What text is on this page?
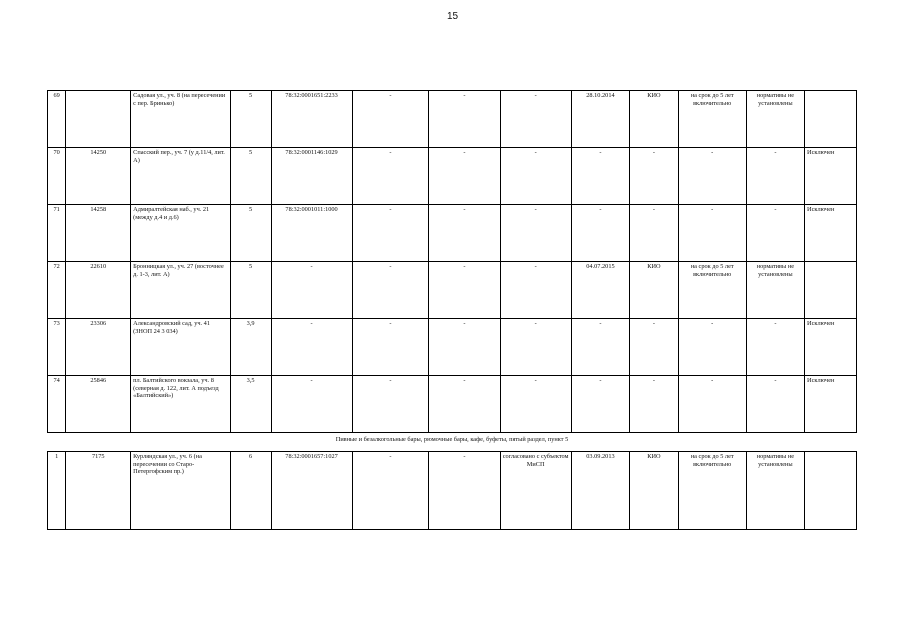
15
69		Садовая ул., уч. 8 (на пересечении с пер. Бринько)	5	78:32:0001651:2233	-	-	-	28.10.2014	КИО	на срок до 5 лет включительно	нормативы не установлены	
70	14250	Спасский пер., уч. 7 (у д.11/4, лит. А)	5	78:32:0001146:1029	-	-	-	-	-	-	-	Исключен
71	14258	Адмиралтейская наб., уч. 21 (между д.4 и д.6)	5	78:32:0001011:1000	-	-	-	-	-	-	-	Исключен
72	22610	Бронницкая ул., уч. 27 (восточнее д. 1-3, лит. А)	5	-	-	-	-	04.07.2015	КИО	на срок до 5 лет включительно	нормативы не установлены	
73	23306	Александровский сад, уч. 41 (ЗНОП 24 3 034)	3,9	-	-	-	-	-	-	-	-	Исключен
74	25846	пл. Балтийского вокзала, уч. 8 (северная д. 122, лит. А подъезд «Балтийский»)	3,5	-	-	-	-	-	-	-	-	Исключен
Пивные и безалкогольные бары, рюмочные бары, кафе, буфеты, пятый раздел, пункт 5
1	7175	Курляндская ул., уч. 6 (на пересечении со Старо-Петергофским пр.)	6	78:32:0001657:1027	-	-	согласовано с субъектом МиСП	03.09.2013	КИО	на срок до 5 лет включительно	нормативы не установлены	
